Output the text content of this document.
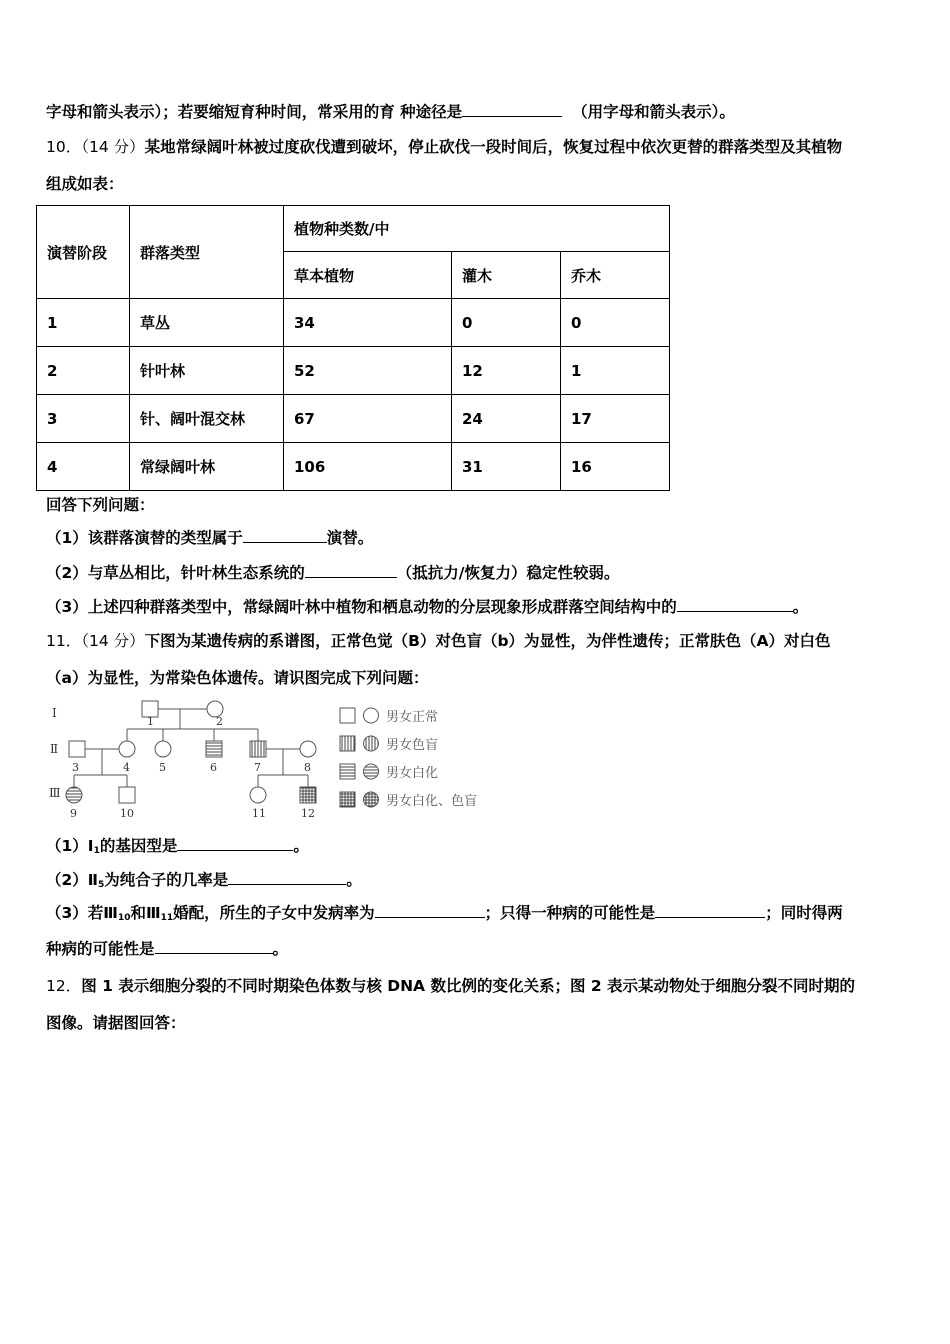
字母和箭头表示）；若要缩短育种时间，常采用的育 种途径是	（用字母和箭头表示）。
10．（14 分）某地常绿阔叶林被过度砍伐遭到破坏，停止砍伐一段时间后，恢复过程中依次更替的群落类型及其植物
组成如表：
演替阶段	群落类型	植物种类数/中		
		草本植物	灌木	乔木
1	草丛	34	0	0
2	针叶林	52	12	1
3	针、阔叶混交林	67	24	17
4	常绿阔叶林	106	31	16
回答下列问题：
（1）该群落演替的类型属于	演替。
（2）与草丛相比，针叶林生态系统的	（抵抗力/恢复力）稳定性较弱。
（3）上述四种群落类型中，常绿阔叶林中植物和栖息动物的分层现象形成群落空间结构中的	。
11．（14 分）下图为某遗传病的系谱图，正常色觉（B）对色盲（b）为显性，为伴性遗传；正常肤色（A）对白色
（a）为显性，为常染色体遗传。请识图完成下列问题：
Ⅰ
Ⅱ
Ⅲ
1	2
3	4	5	6	7	8
9	10	11	12
男女正常
男女色盲
男女白化
男女白化、色盲
$(1)Ⅰ_1$的基因型是	。
$(2)Ⅱ_5$为纯合子的几率是	。
（3）若$Ⅲ_{10}$和$Ⅲ_{11}$婚配，所生的子女中发病率为	；只得一种病的可能性是	；同时得两
种病的可能性是	。
12．图 1 表示细胞分裂的不同时期染色体数与核 DNA 数比例的变化关系；图 2 表示某动物处于细胞分裂不同时期的
图像。请据图回答：
